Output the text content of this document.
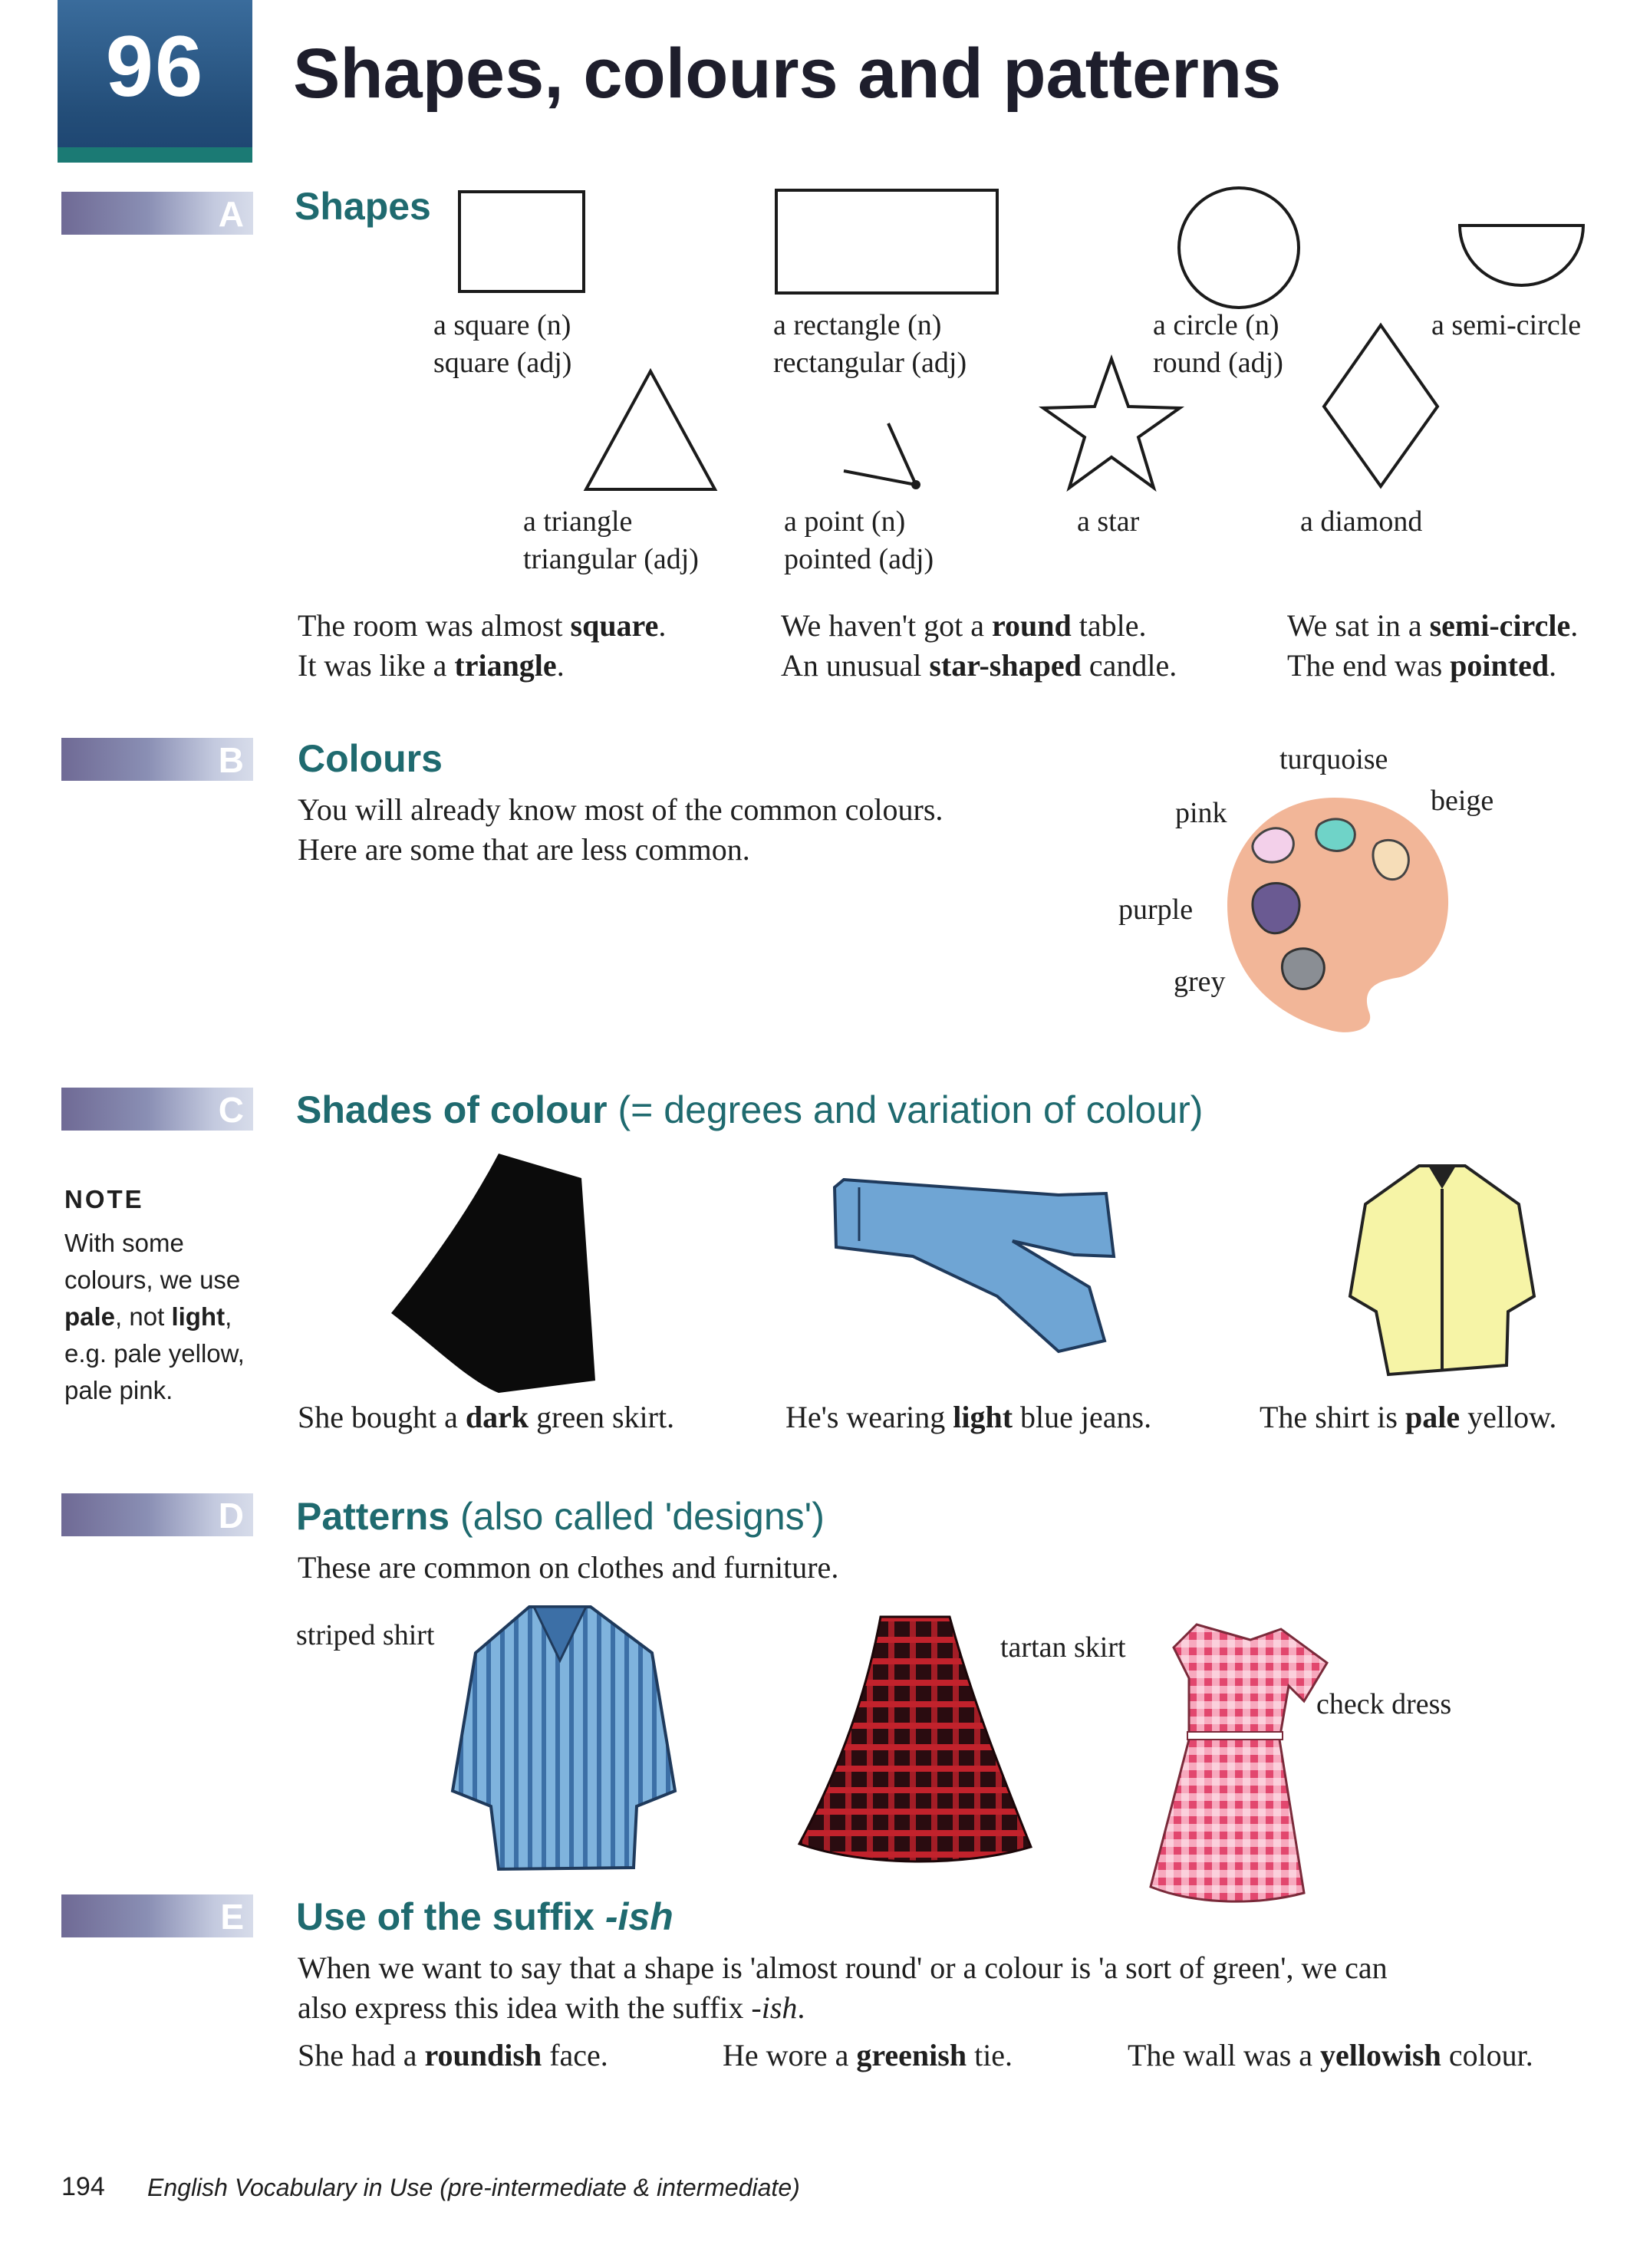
96	Shapes, colours and patterns
A Shapes
a square (n)
square (adj)
a rectangle (n)
rectangular (adj)
a circle (n)
round (adj)
a semi-circle
a triangle
triangular (adj)
a point (n)
pointed (adj)
a star	a diamond
The room was almost square.
It was like a triangle.
We haven't got a round table.
An unusual star-shaped candle.
We sat in a semi-circle.
The end was pointed.
B Colours
You will already know most of the common colours.
Here are some that are less common.
turquoise
pink	beige
purple
grey
C Shades of colour (= degrees and variation of colour)
NOTE
With some colours, we use pale, not light, e.g. pale yellow, pale pink.
She bought a dark green skirt.	He's wearing light blue jeans.	The shirt is pale yellow.
D Patterns (also called 'designs')
These are common on clothes and furniture.
striped shirt	tartan skirt
check dress
E Use of the suffix -ish
When we want to say that a shape is 'almost round' or a colour is 'a sort of green', we can
also express this idea with the suffix -ish.
She had a roundish face.	He wore a greenish tie.	The wall was a yellowish colour.
194 English Vocabulary in Use (pre-intermediate & intermediate)
